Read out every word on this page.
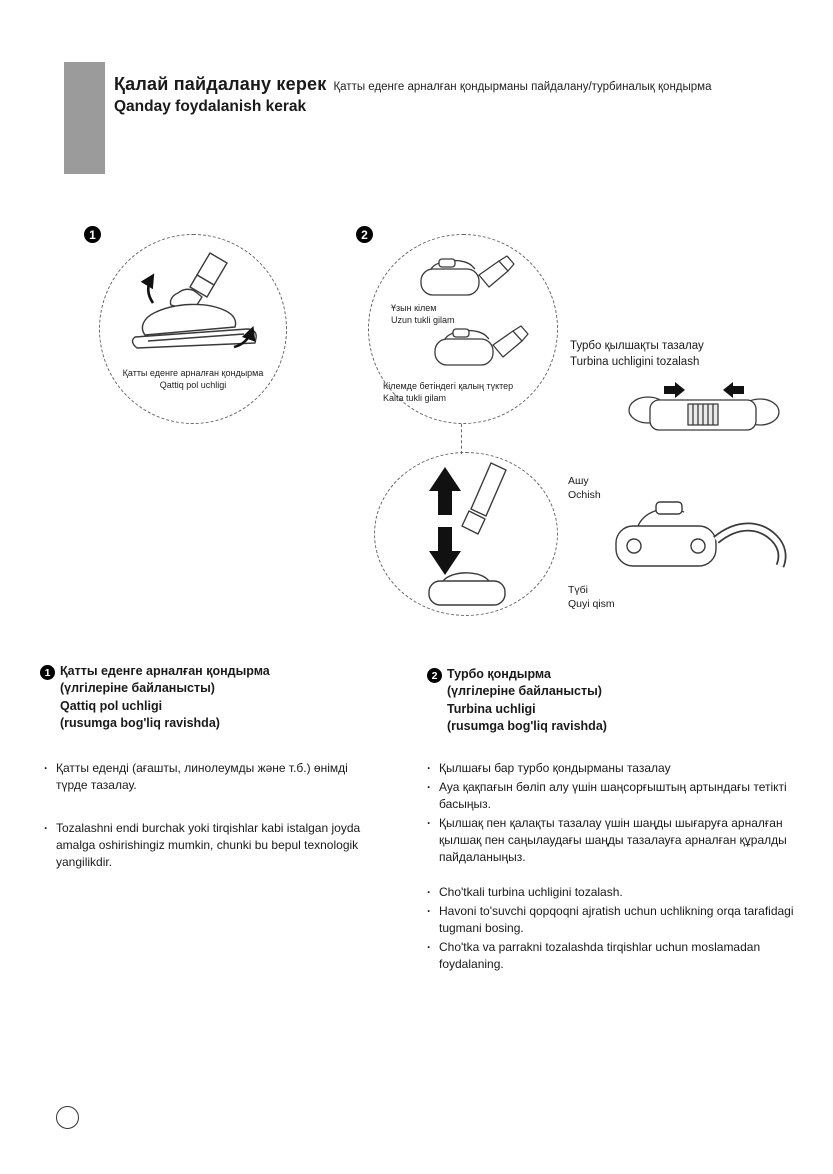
Қалай пайдалану керек Қатты еденге арналған қондырманы пайдалану/турбиналық қондырма
Qanday foydalanish kerak
1
Қатты еденге арналған қондырма
Qattiq pol uchligi
2
Ұзын кілем
Uzun tukli gilam
Кілемде бетіндегі қалың түктер
Kalta tukli gilam
Турбо қылшақты тазалау
Turbina uchligini tozalash
Ашу
Ochish
Түбі
Quyi qism
1 Қатты еденге арналған қондырма
(үлгілеріне байланысты)
Qattiq pol uchligi
(rusumga bog'liq ravishda)
2 Турбо қондырма
(үлгілеріне байланысты)
Turbina uchligi
(rusumga bog'liq ravishda)
·
Қатты еденді (ағашты, линолеумды және т.б.) өнімді түрде тазалау.
·
Tozalashni endi burchak yoki tirqishlar kabi istalgan joyda amalga oshirishingiz mumkin, chunki bu bepul texnologik yangilikdir.
·
Қылшағы бар турбо қондырманы тазалау
·
Ауа қақпағын бөліп алу үшін шаңсорғыштың артындағы тетікті басыңыз.
·
Қылшақ пен қалақты тазалау үшін шаңды шығаруға арналған қылшақ пен саңылаудағы шаңды тазалауға арналған құралды пайдаланыңыз.
·
Cho'tkali turbina uchligini tozalash.
·
Havoni to'suvchi qopqoqni ajratish uchun uchlikning orqa tarafidagi tugmani bosing.
·
Cho'tka va parrakni tozalashda tirqishlar uchun moslamadan foydalaning.
